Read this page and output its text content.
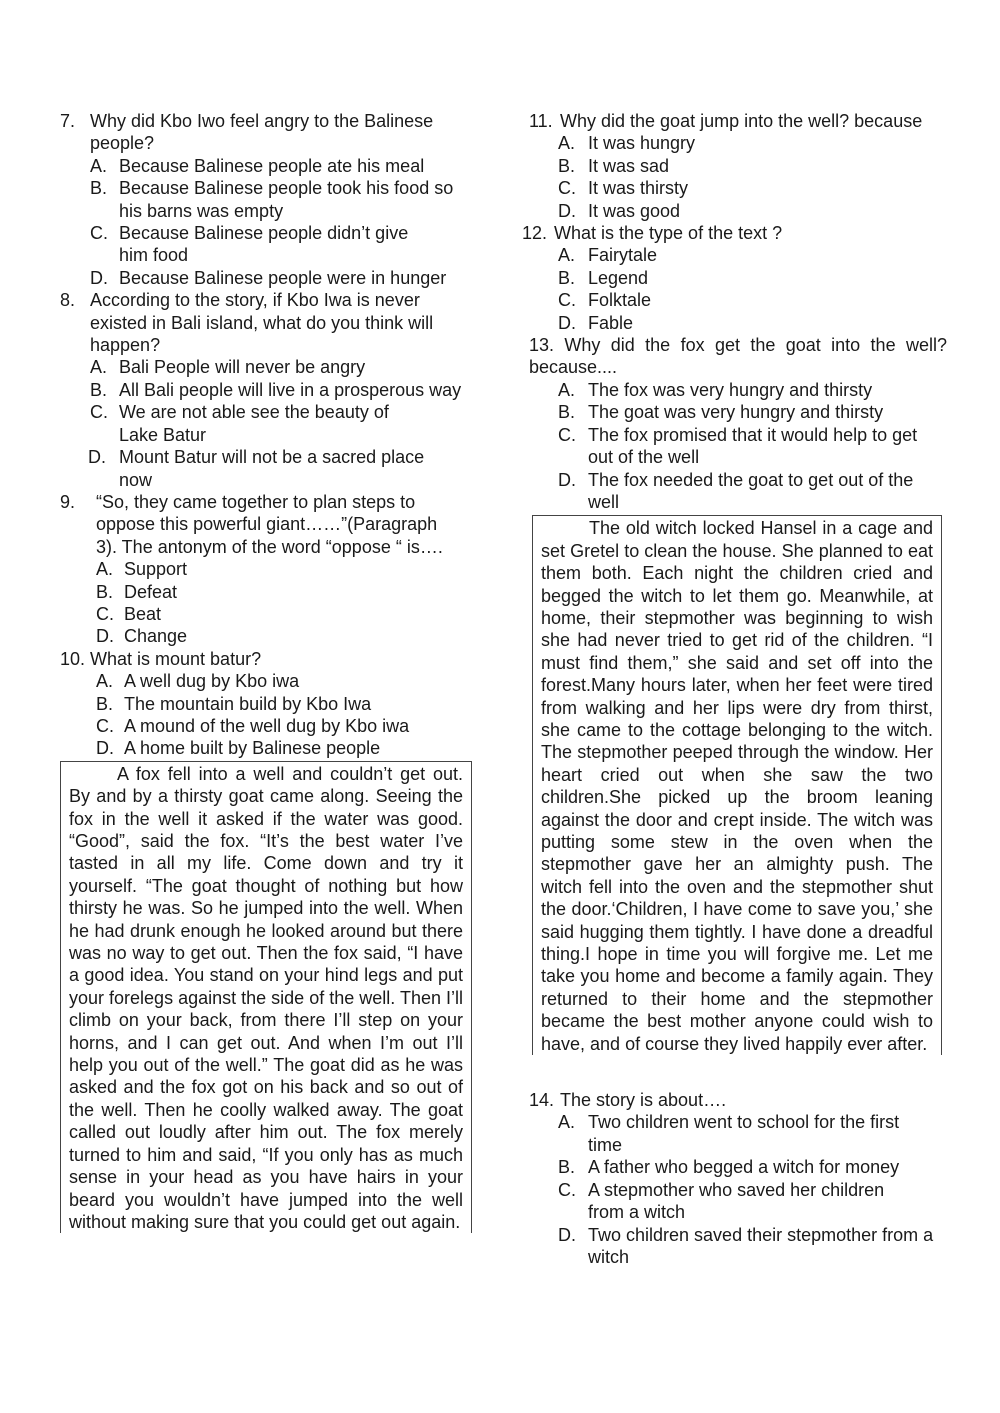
7. Why did Kbo Iwo feel angry to the Balinese people?
A. Because Balinese people ate his meal
B. Because Balinese people took his food so his barns was empty
C. Because Balinese people didn’t give him food
D. Because Balinese people were in hunger
8. According to the story, if Kbo Iwa is never existed in Bali island, what do you think will happen?
A. Bali People will never be angry
B. All Bali people will live in a prosperous way
C. We are not able see the beauty of Lake Batur
D. Mount Batur will not be a sacred place now
9. “So, they came together to plan steps to oppose this powerful giant……”(Paragraph 3). The antonym of the word “oppose “ is….
A. Support
B. Defeat
C. Beat
D. Change
10. What is mount batur?
A. A well dug by Kbo iwa
B. The mountain build by Kbo Iwa
C. A mound of the well dug by Kbo iwa
D. A home built by Balinese people

A fox fell into a well and couldn’t get out. By and by a thirsty goat came along. Seeing the fox in the well it asked if the water was good. “Good”, said the fox. “It’s the best water I’ve tasted in all my life. Come down and try it yourself. “The goat thought of nothing but how thirsty he was. So he jumped into the well. When he had drunk enough he looked around but there was no way to get out. Then the fox said, “I have a good idea. You stand on your hind legs and put your forelegs against the side of the well. Then I’ll climb on your back, from there I’ll step on your horns, and I can get out. And when I’m out I’ll help you out of the well.” The goat did as he was asked and the fox got on his back and so out of the well. Then he coolly walked away. The goat called out loudly after him out. The fox merely turned to him and said, “If you only has as much sense in your head as you have hairs in your beard you wouldn’t have jumped into the well without making sure that you could get out again.

11. Why did the goat jump into the well? because
A. It was hungry
B. It was sad
C. It was thirsty
D. It was good
12. What is the type of the text ?
A. Fairytale
B. Legend
C. Folktale
D. Fable
13. Why did the fox get the goat into the well? because....
A. The fox was very hungry and thirsty
B. The goat was very hungry and thirsty
C. The fox promised that it would help to get out of the well
D. The fox needed the goat to get out of the well

The old witch locked Hansel in a cage and set Gretel to clean the house. She planned to eat them both. Each night the children cried and begged the witch to let them go. Meanwhile, at home, their stepmother was beginning to wish she had never tried to get rid of the children. “I must find them,” she said and set off into the forest.Many hours later, when her feet were tired from walking and her lips were dry from thirst, she came to the cottage belonging to the witch. The stepmother peeped through the window. Her heart cried out when she saw the two children.She picked up the broom leaning against the door and crept inside. The witch was putting some stew in the oven when the stepmother gave her an almighty push. The witch fell into the oven and the stepmother shut the door.‘Children, I have come to save you,’ she said hugging them tightly. I have done a dreadful thing.I hope in time you will forgive me. Let me take you home and become a family again. They returned to their home and the stepmother became the best mother anyone could wish to have, and of course they lived happily ever after.

14. The story is about….
A. Two children went to school for the first time
B. A father who begged a witch for money
C. A stepmother who saved her children from a witch
D. Two children saved their stepmother from a witch
